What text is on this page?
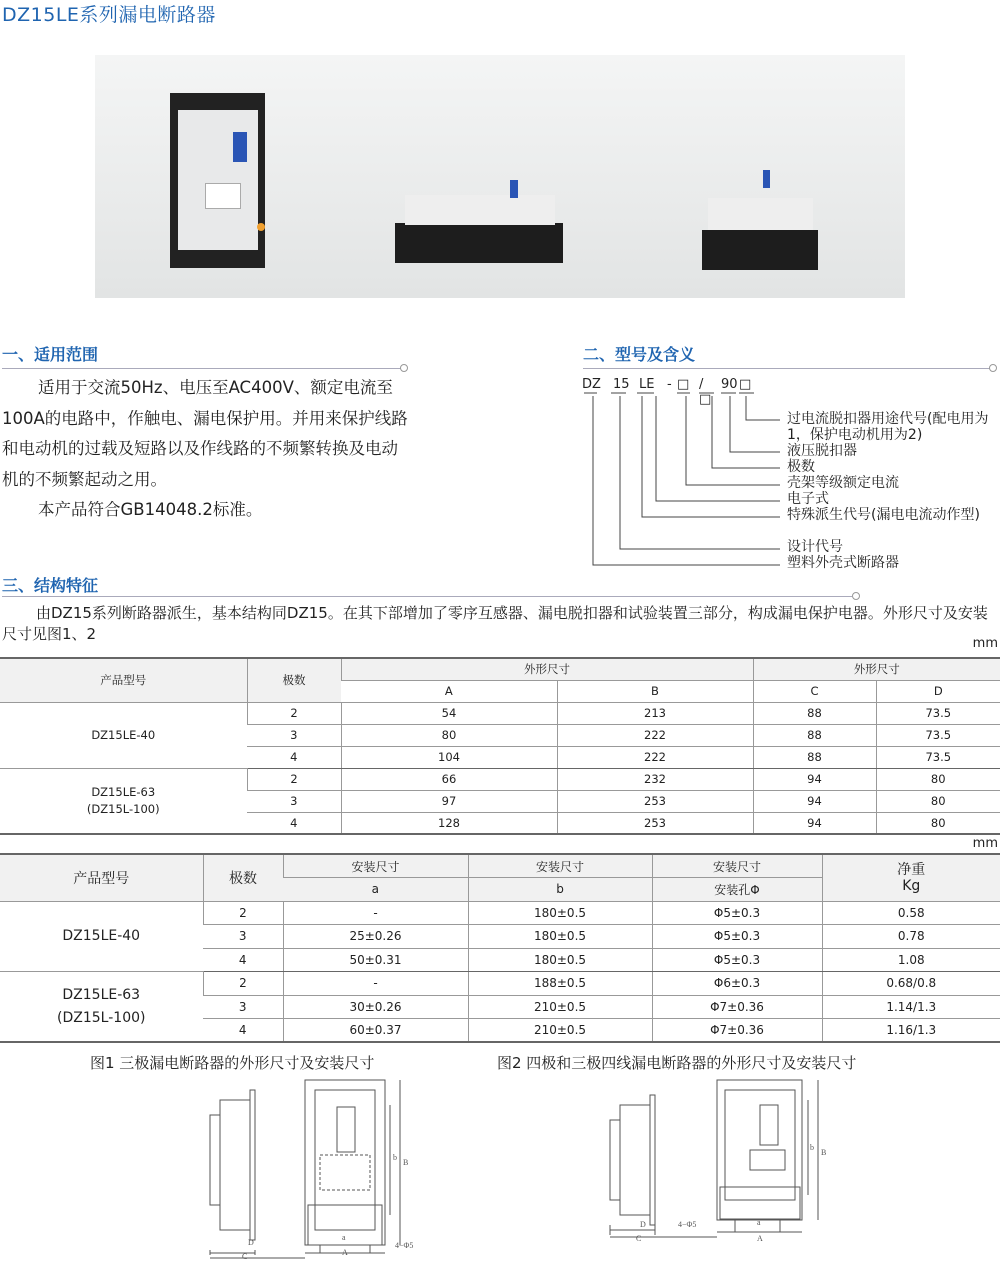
DZ15LE系列漏电断路器
一、适用范围

适用于交流50Hz、电压至AC400V、额定电流至100A的电路中，作触电、漏电保护用。并用来保护线路和电动机的过载及短路以及作线路的不频繁转换及电动机的不频繁起动之用。

本产品符合GB14048.2标准。

二、型号及含义
DZ 15 LE - □ /□
90 □
过电流脱扣器用途代号(配电用为1，保护电动机用为2)
液压脱扣器
极数
壳架等级额定电流
电子式
特殊派生代号(漏电电流动作型)
设计代号
塑料外壳式断路器
三、结构特征
由DZ15系列断路器派生，基本结构同DZ15。在其下部增加了零序互感器、漏电脱扣器和试验装置三部分，构成漏电保护电器。外形尺寸及安装尺寸见图1、2
mm
产品型号	极数	外形尺寸		外形尺寸	
		A	B	C	D

DZ15LE-40	2	54	213	88	73.5
	3	80	222	88	73.5
	4	104	222	88	73.5

DZ15LE-63
(DZ15L-100)	2	66	232	94	80
	3	97	253	94	80
	4	128	253	94	80
mm
产品型号	极数	安装尺寸	安装尺寸	安装尺寸	净重
Kg

		a	b	安装孔Φ	

DZ15LE-40	2	-	180±0.5	Φ5±0.3	0.58
	3	25±0.26	180±0.5	Φ5±0.3	0.78
	4	50±0.31	180±0.5	Φ5±0.3	1.08

DZ15LE-63
(DZ15L-100)	2	-	188±0.5	Φ6±0.3	0.68/0.8
	3	30±0.26	210±0.5	Φ7±0.36	1.14/1.3
	4	60±0.37	210±0.5	Φ7±0.36	1.16/1.3
图1 三极漏电断路器的外形尺寸及安装尺寸	图2 四极和三极四线漏电断路器的外形尺寸及安装尺寸
D
C	A
a
b
B
4−Φ5
D
C	A
a
b
B
4−Φ5
